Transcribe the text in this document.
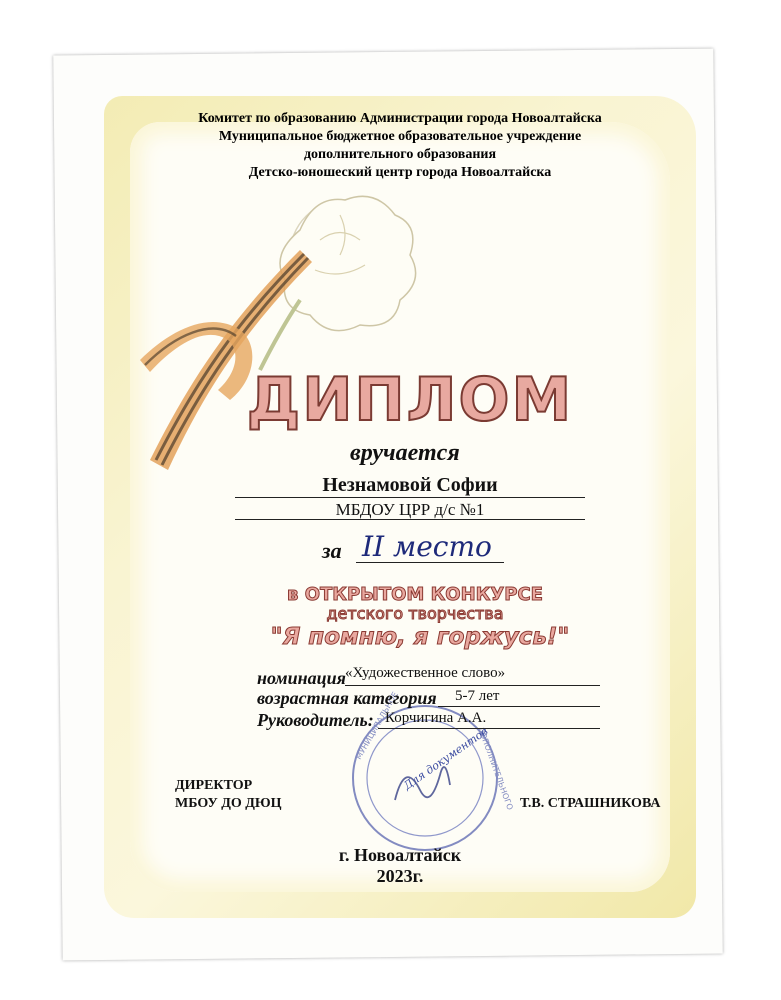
МУНИЦИПАЛЬНОЕ	ДОПОЛНИТЕЛЬНОГО
Комитет по образованию Администрации города Новоалтайска
Муниципальное бюджетное образовательное учреждение
дополнительного образования
Детско-юношеский центр города Новоалтайска
ДИПЛОМ
вручается
Незнамовой Софии
МБДОУ ЦРР д/с №1
за II место
в ОТКРЫТОМ КОНКУРСЕ
детского творчества
"Я помню, я горжусь!"
номинация «Художественное слово»
возрастная категория 5-7 лет
Руководитель: Корчигина А.А.
ДИРЕКТОР
МБОУ ДО ДЮЦ	Т.В. СТРАШНИКОВА
Для документов
г. Новоалтайск
2023г.
